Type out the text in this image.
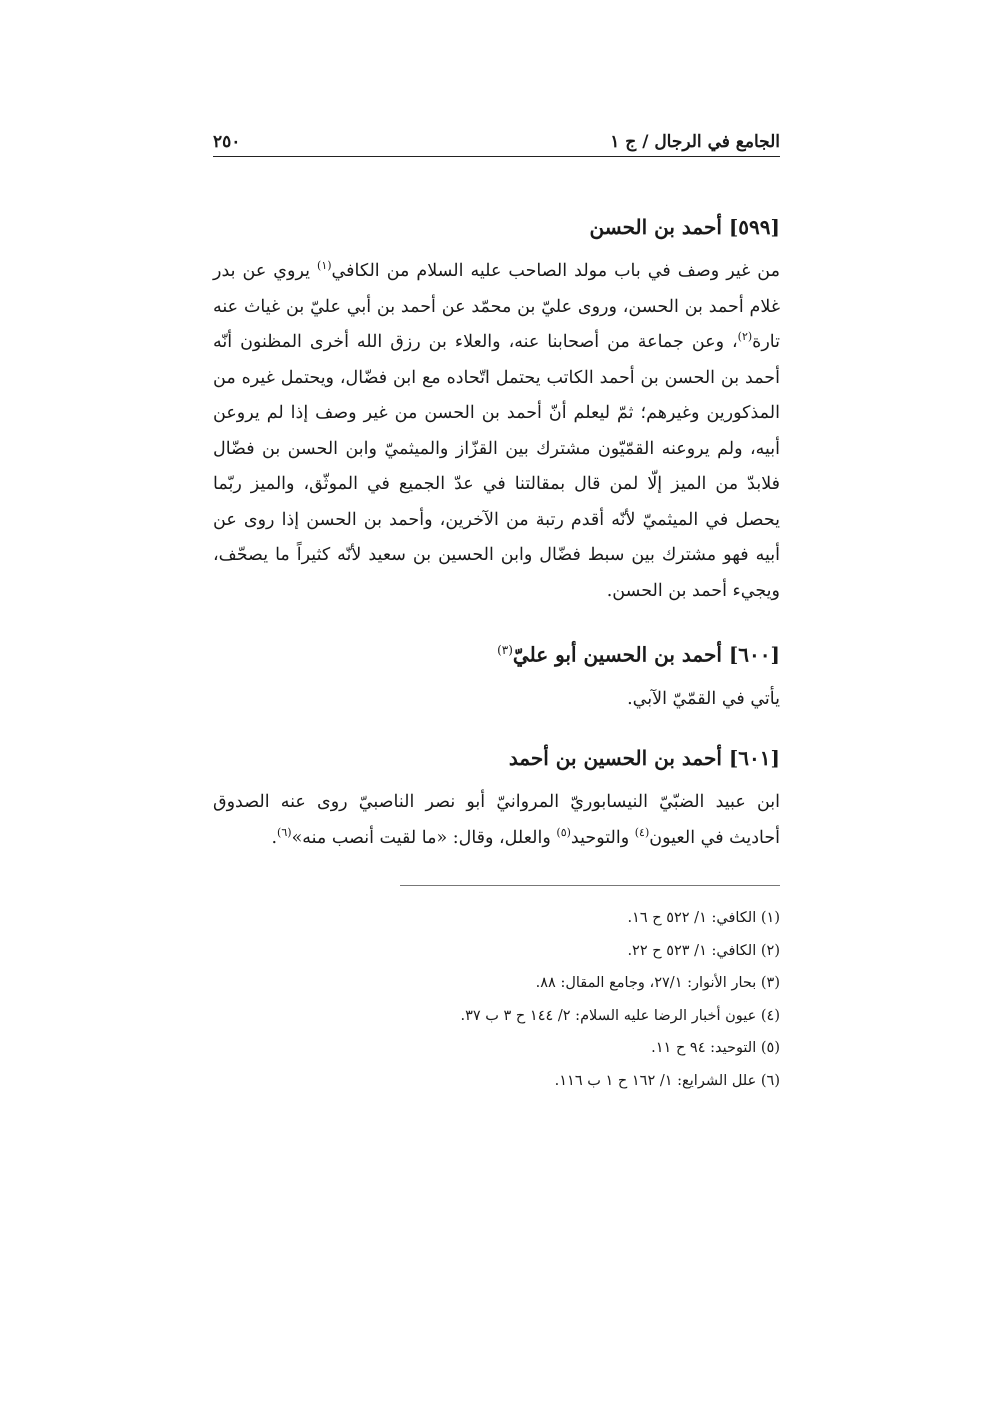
الجامع في الرجال / ج ١
٢٥٠
[٥٩٩] أحمد بن الحسن

من غير وصف في باب مولد الصاحب عليه السلام من الكافي$^{(١)}$ يروي عن بدر غلام أحمد بن الحسن، وروى عليّ بن محمّد عن أحمد بن أبي عليّ بن غياث عنه تارة$^{(٢)}$، وعن جماعة من أصحابنا عنه، والعلاء بن رزق الله أخرى المظنون أنّه أحمد بن الحسن بن أحمد الكاتب يحتمل اتّحاده مع ابن فضّال، ويحتمل غيره من المذكورين وغيرهم؛ ثمّ ليعلم أنّ أحمد بن الحسن من غير وصف إذا لم يروعن أبيه، ولم يروعنه القمّيّون مشترك بين القزّاز والميثميّ وابن الحسن بن فضّال فلابدّ من الميز إلّا لمن قال بمقالتنا في عدّ الجميع في الموثّق، والميز ربّما يحصل في الميثميّ لأنّه أقدم رتبة من الآخرين، وأحمد بن الحسن إذا روى عن أبيه فهو مشترك بين سبط فضّال وابن الحسين بن سعيد لأنّه كثيراً ما يصحّف، ويجيء أحمد بن الحسن.

[٦٠٠] أحمد بن الحسين أبو عليّ$^{(٣)}$

يأتي في القمّيّ الآبي.

[٦٠١] أحمد بن الحسين بن أحمد

ابن عبيد الضبّيّ النيسابوريّ المروانيّ أبو نصر الناصبيّ روى عنه الصدوق أحاديث في العيون$^{(٤)}$ والتوحيد$^{(٥)}$ والعلل، وقال: «ما لقيت أنصب منه»$^{(٦)}$.

(١) الكافي: ١/ ٥٢٢ ح ١٦.

(٢) الكافي: ١/ ٥٢٣ ح ٢٢.

(٣) بحار الأنوار: ٢٧/١، وجامع المقال: ٨٨.

(٤) عيون أخبار الرضا عليه السلام: ٢/ ١٤٤ ح ٣ ب ٣٧.

(٥) التوحيد: ٩٤ ح ١١.

(٦) علل الشرايع: ١/ ١٦٢ ح ١ ب ١١٦.
